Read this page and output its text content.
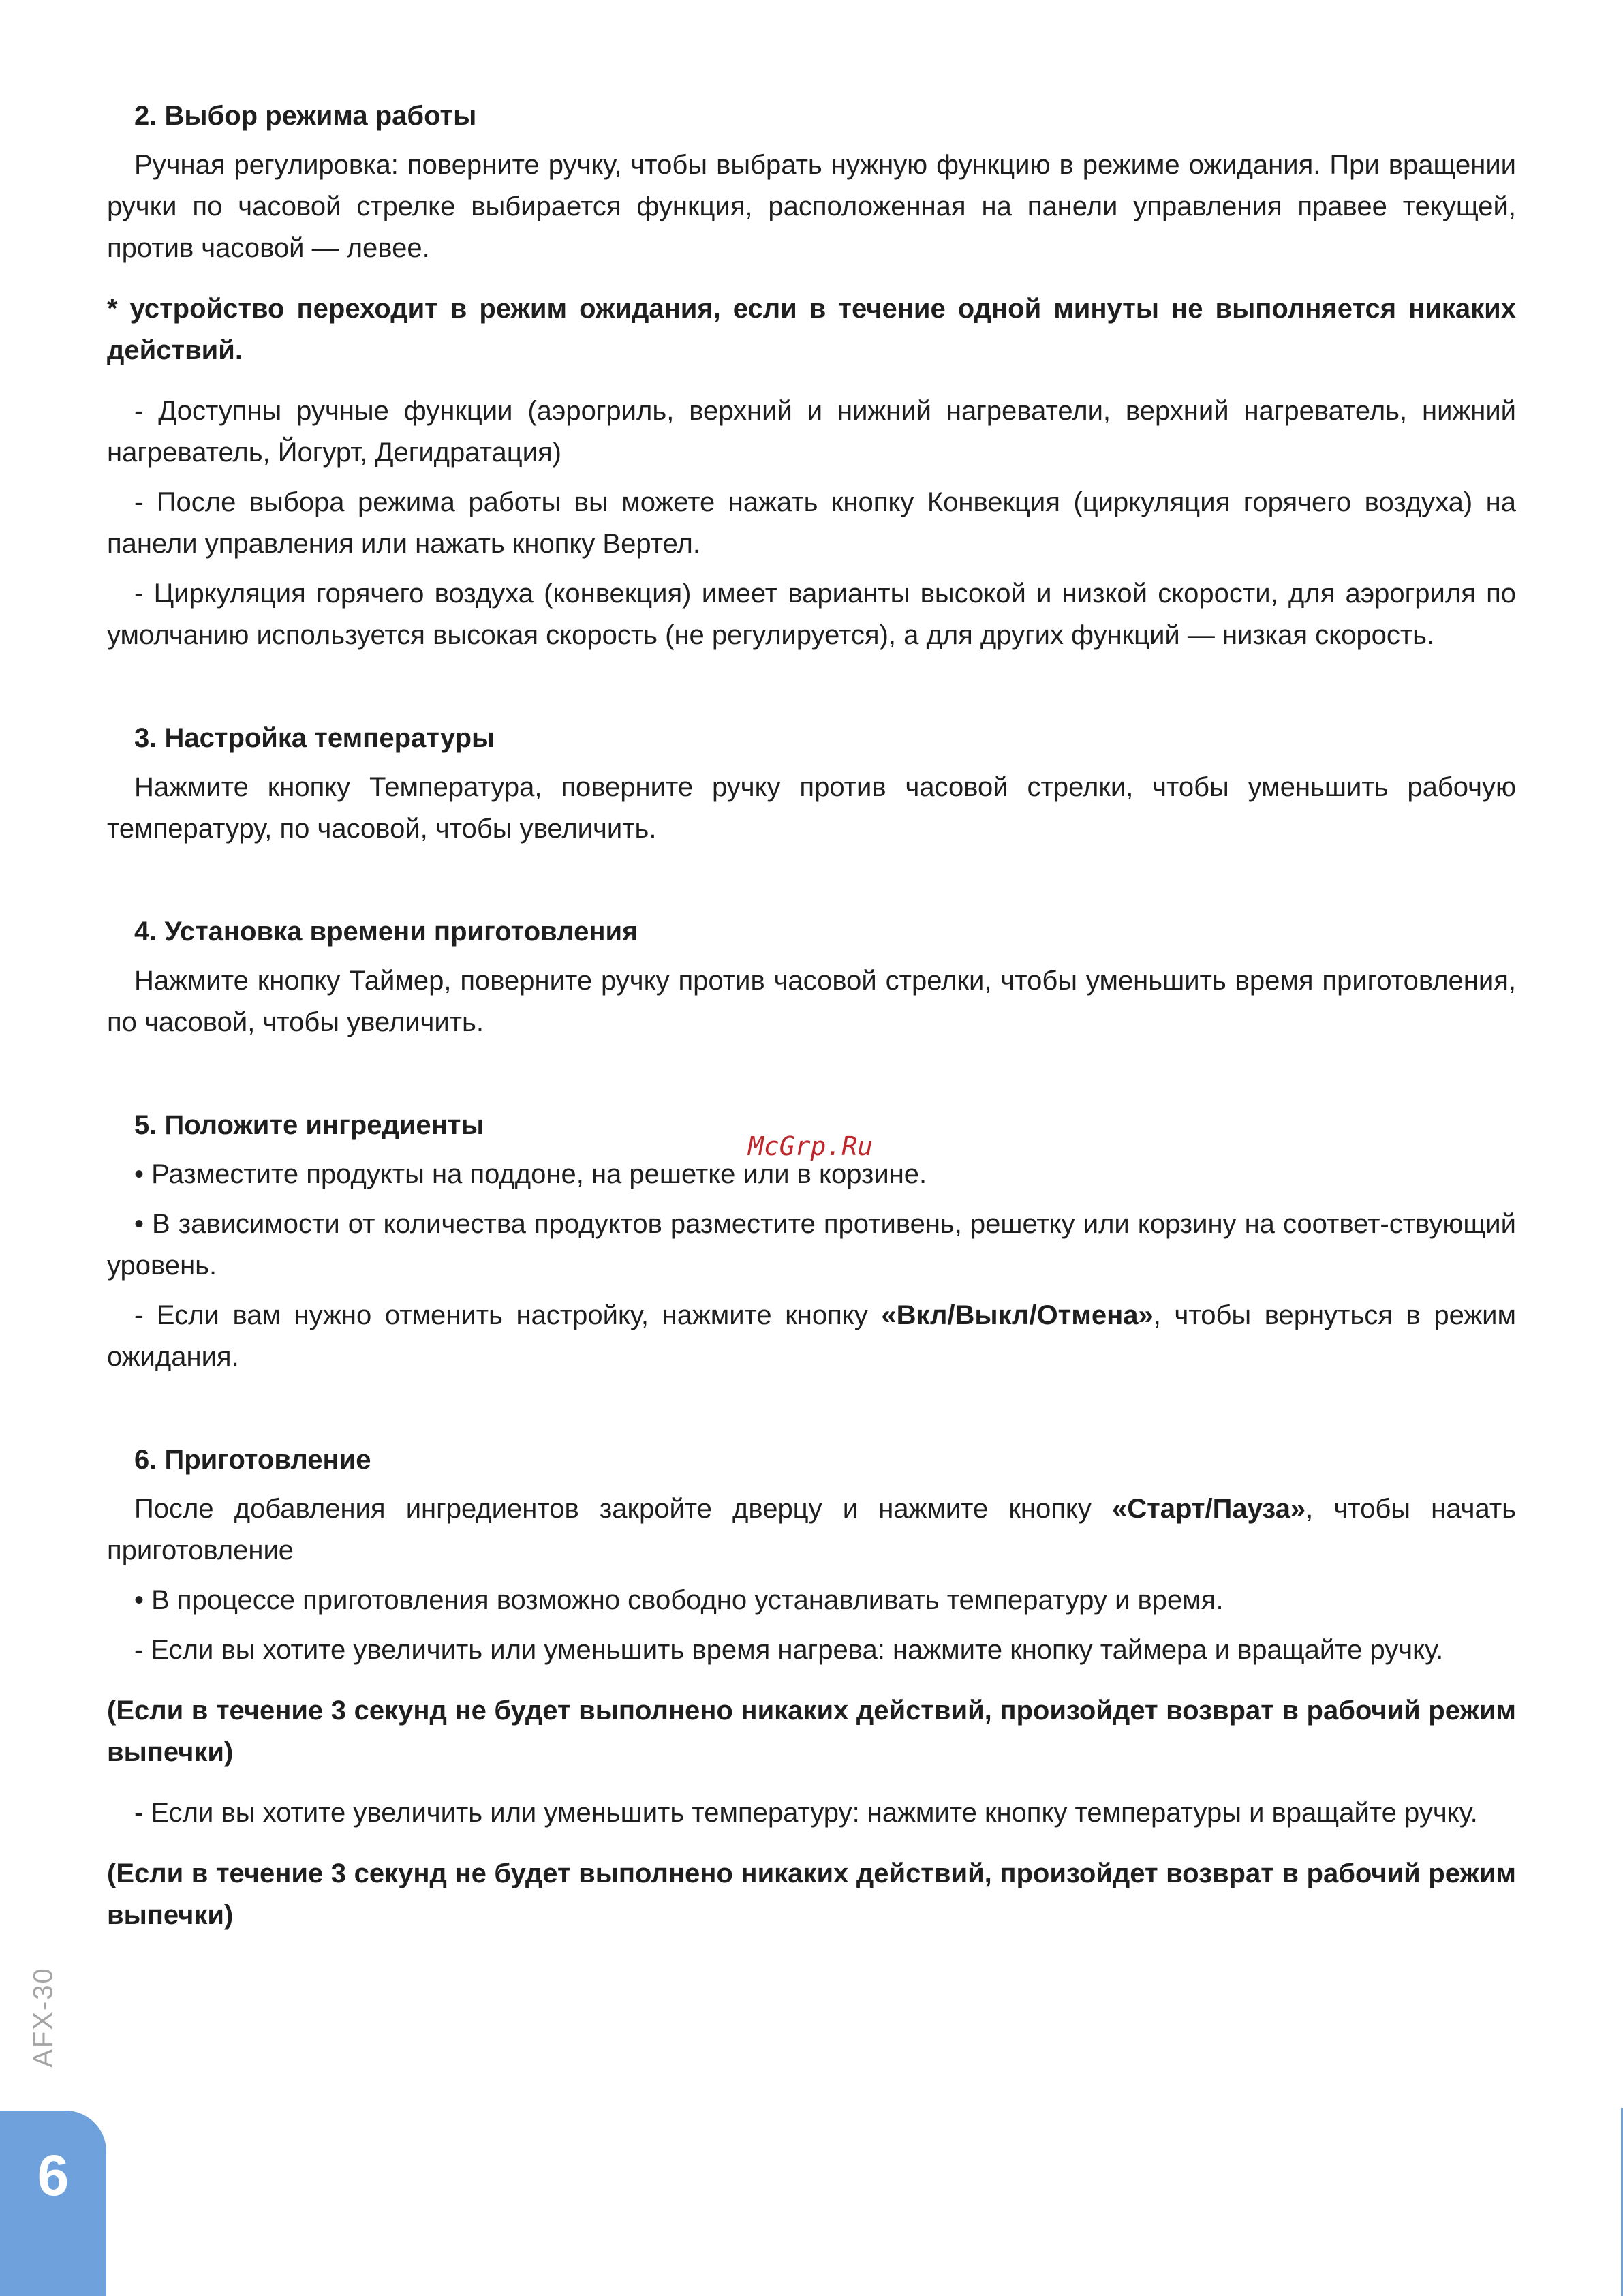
2. Выбор режима работы

Ручная регулировка: поверните ручку, чтобы выбрать нужную функцию в режиме ожидания. При вращении ручки по часовой стрелке выбирается функция, расположенная на панели управления правее текущей, против часовой — левее.

* устройство переходит в режим ожидания, если в течение одной минуты не выполняется никаких действий.

- Доступны ручные функции (аэрогриль, верхний и нижний нагреватели, верхний нагреватель, нижний нагреватель, Йогурт, Дегидратация)

- После выбора режима работы вы можете нажать кнопку Конвекция (циркуляция горячего воздуха) на панели управления или нажать кнопку Вертел.

- Циркуляция горячего воздуха (конвекция) имеет варианты высокой и низкой скорости, для аэрогриля по умолчанию используется высокая скорость (не регулируется), а для других функций — низкая скорость.

3. Настройка температуры

Нажмите кнопку Температура, поверните ручку против часовой стрелки, чтобы уменьшить рабочую температуру, по часовой, чтобы увеличить.

4. Установка времени приготовления

Нажмите кнопку Таймер, поверните ручку против часовой стрелки, чтобы уменьшить время приготовления, по часовой, чтобы увеличить.

5. Положите ингредиенты

• Разместите продукты на поддоне, на решетке или в корзине.

• В зависимости от количества продуктов разместите противень, решетку или корзину на соответ-ствующий уровень.

- Если вам нужно отменить настройку, нажмите кнопку «Вкл/Выкл/Отмена», чтобы вернуться в режим ожидания.

6. Приготовление

После добавления ингредиентов закройте дверцу и нажмите кнопку «Старт/Пауза», чтобы начать приготовление

• В процессе приготовления возможно свободно устанавливать температуру и время.

- Если вы хотите увеличить или уменьшить время нагрева: нажмите кнопку таймера и вращайте ручку.

(Если в течение 3 секунд не будет выполнено никаких действий, произойдет возврат в рабочий режим выпечки)

- Если вы хотите увеличить или уменьшить температуру: нажмите кнопку температуры и вращайте ручку.

(Если в течение 3 секунд не будет выполнено никаких действий, произойдет возврат в рабочий режим выпечки)

McGrp.Ru
AFX-30
6
